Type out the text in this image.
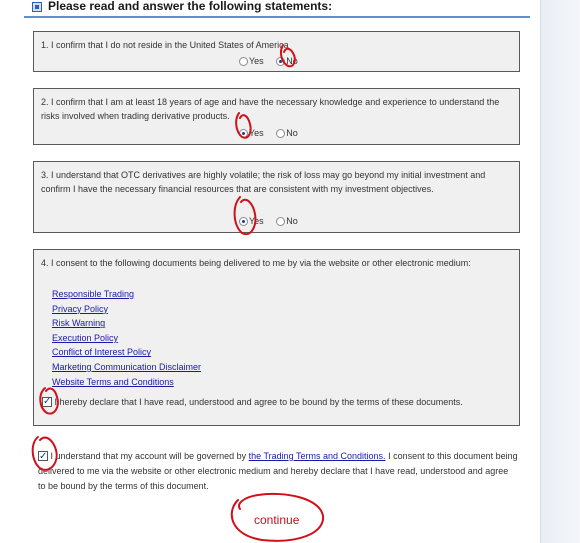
Please read and answer the following statements:

1. I confirm that I do not reside in the United States of America

Yes	No

2. I confirm that I am at least 18 years of age and have the necessary knowledge and experience to understand the risks involved when trading derivative products.

Yes	No

3. I understand that OTC derivatives are highly volatile; the risk of loss may go beyond my initial investment and confirm I have the necessary financial resources that are consistent with my investment objectives.

Yes	No

4. I consent to the following documents being delivered to me by via the website or other electronic medium:

Responsible Trading
Privacy Policy
Risk Warning
Execution Policy
Conflict of Interest Policy
Marketing Communication Disclaimer
Website Terms and Conditions
✓ I hereby declare that I have read, understood and agree to be bound by the terms of these documents.
✓ I understand that my account will be governed by the Trading Terms and Conditions. I consent to this document being delivered to me via the website or other electronic medium and hereby declare that I have read, understood and agree to be bound by the terms of this document.
continue
